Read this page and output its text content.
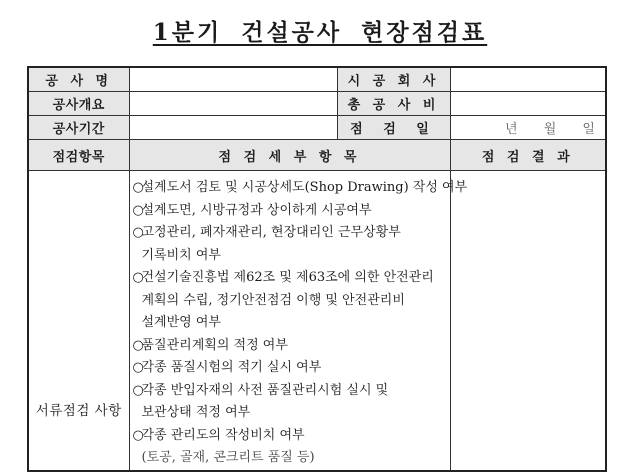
1분기 건설공사 현장점검표
공 사 명		시 공 회 사	
공사개요		총 공 사 비	
공사기간		점 검 일	년 월 일
점검항목	점 검 세 부 항 목		점 검 결 과

서류점검 사항

○설계도서 검토 및 시공상세도(Shop Drawing) 작성 여부
○설계도면, 시방규정과 상이하게 시공여부
○고정관리, 폐자재관리, 현장대리인 근무상황부
기록비치 여부
○건설기술진흥법 제62조 및 제63조에 의한 안전관리
계획의 수립, 정기안전점검 이행 및 안전관리비
설계반영 여부
○품질관리계획의 적정 여부
○각종 품질시험의 적기 실시 여부
○각종 반입자재의 사전 품질관리시험 실시 및
보관상태 적정 여부
○각종 관리도의 작성비치 여부
(토공, 골재, 콘크리트 품질 등)
